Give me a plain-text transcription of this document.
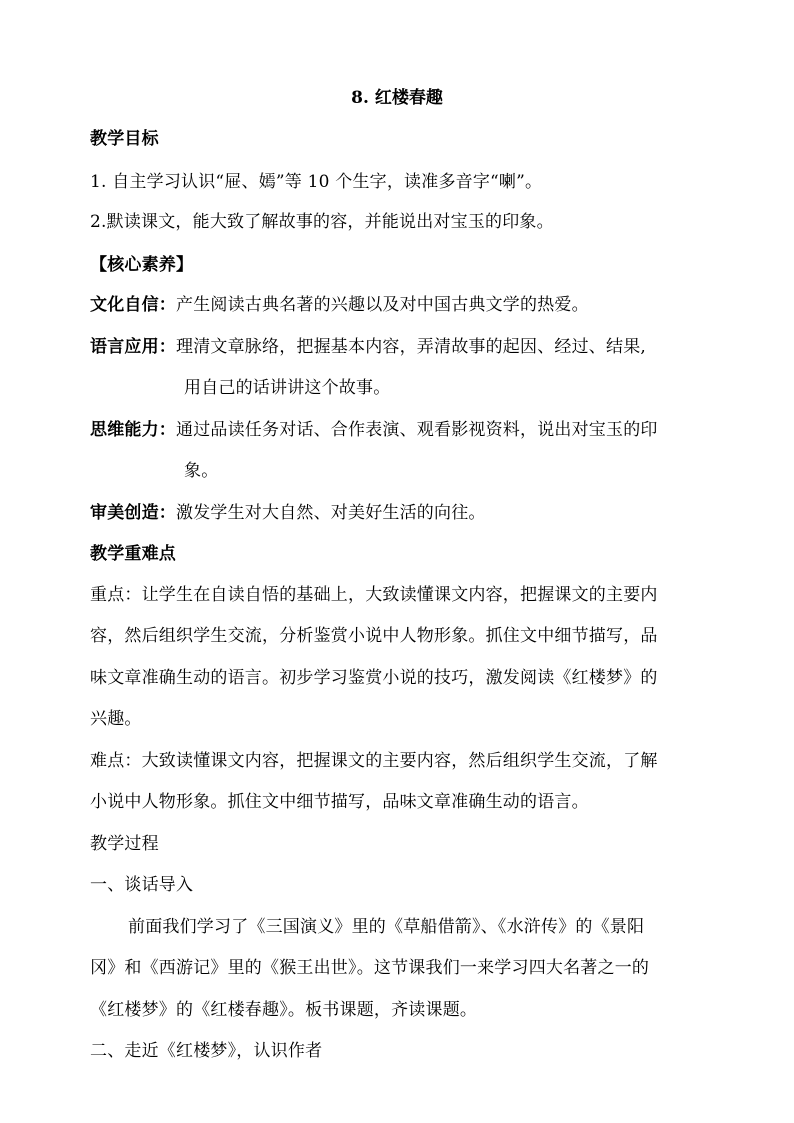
8. 红楼春趣
教学目标
1. 自主学习认识“屉、嫣”等 10 个生字，读准多音字“喇”。
2.默读课文，能大致了解故事的容，并能说出对宝玉的印象。
【核心素养】
文化自信：产生阅读古典名著的兴趣以及对中国古典文学的热爱。
语言应用：理清文章脉络，把握基本内容，弄清故事的起因、经过、结果,
用自己的话讲讲这个故事。
思维能力：通过品读任务对话、合作表演、观看影视资料，说出对宝玉的印
象。
审美创造：激发学生对大自然、对美好生活的向往。
教学重难点
重点：让学生在自读自悟的基础上，大致读懂课文内容，把握课文的主要内
容，然后组织学生交流，分析鉴赏小说中人物形象。抓住文中细节描写，品
味文章准确生动的语言。初步学习鉴赏小说的技巧，激发阅读《红楼梦》的
兴趣。
难点：大致读懂课文内容，把握课文的主要内容，然后组织学生交流，了解
小说中人物形象。抓住文中细节描写，品味文章准确生动的语言。
教学过程
一、谈话导入
前面我们学习了《三国演义》里的《草船借箭》、《水浒传》的《景阳
冈》和《西游记》里的《猴王出世》。这节课我们一来学习四大名著之一的
《红楼梦》的《红楼春趣》。板书课题，齐读课题。
二、走近《红楼梦》，认识作者
